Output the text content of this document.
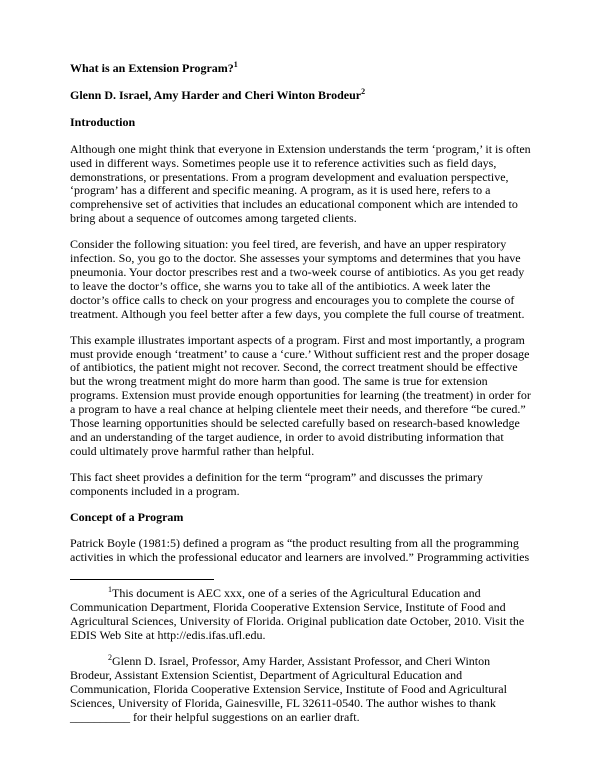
What is an Extension Program?$^1$

Glenn D. Israel, Amy Harder and Cheri Winton Brodeur$^2$

Introduction

Although one might think that everyone in Extension understands the term ‘program,’ it is often used in different ways. Sometimes people use it to reference activities such as field days, demonstrations, or presentations. From a program development and evaluation perspective, ‘program’ has a different and specific meaning. A program, as it is used here, refers to a comprehensive set of activities that includes an educational component which are intended to bring about a sequence of outcomes among targeted clients.

Consider the following situation: you feel tired, are feverish, and have an upper respiratory infection. So, you go to the doctor. She assesses your symptoms and determines that you have pneumonia. Your doctor prescribes rest and a two-week course of antibiotics. As you get ready to leave the doctor’s office, she warns you to take all of the antibiotics. A week later the doctor’s office calls to check on your progress and encourages you to complete the course of treatment. Although you feel better after a few days, you complete the full course of treatment.

This example illustrates important aspects of a program. First and most importantly, a program must provide enough ‘treatment’ to cause a ‘cure.’ Without sufficient rest and the proper dosage of antibiotics, the patient might not recover. Second, the correct treatment should be effective but the wrong treatment might do more harm than good. The same is true for extension programs. Extension must provide enough opportunities for learning (the treatment) in order for a program to have a real chance at helping clientele meet their needs, and therefore “be cured.” Those learning opportunities should be selected carefully based on research-based knowledge and an understanding of the target audience, in order to avoid distributing information that could ultimately prove harmful rather than helpful.

This fact sheet provides a definition for the term “program” and discusses the primary components included in a program.

Concept of a Program

Patrick Boyle (1981:5) defined a program as “the product resulting from all the programming activities in which the professional educator and learners are involved.” Programming activities

$^1$This document is AEC xxx, one of a series of the Agricultural Education and Communication Department, Florida Cooperative Extension Service, Institute of Food and Agricultural Sciences, University of Florida. Original publication date October, 2010. Visit the EDIS Web Site at http://edis.ifas.ufl.edu.

$^2$Glenn D. Israel, Professor, Amy Harder, Assistant Professor, and Cheri Winton Brodeur, Assistant Extension Scientist, Department of Agricultural Education and Communication, Florida Cooperative Extension Service, Institute of Food and Agricultural Sciences, University of Florida, Gainesville, FL 32611-0540. The author wishes to thank __________ for their helpful suggestions on an earlier draft.
